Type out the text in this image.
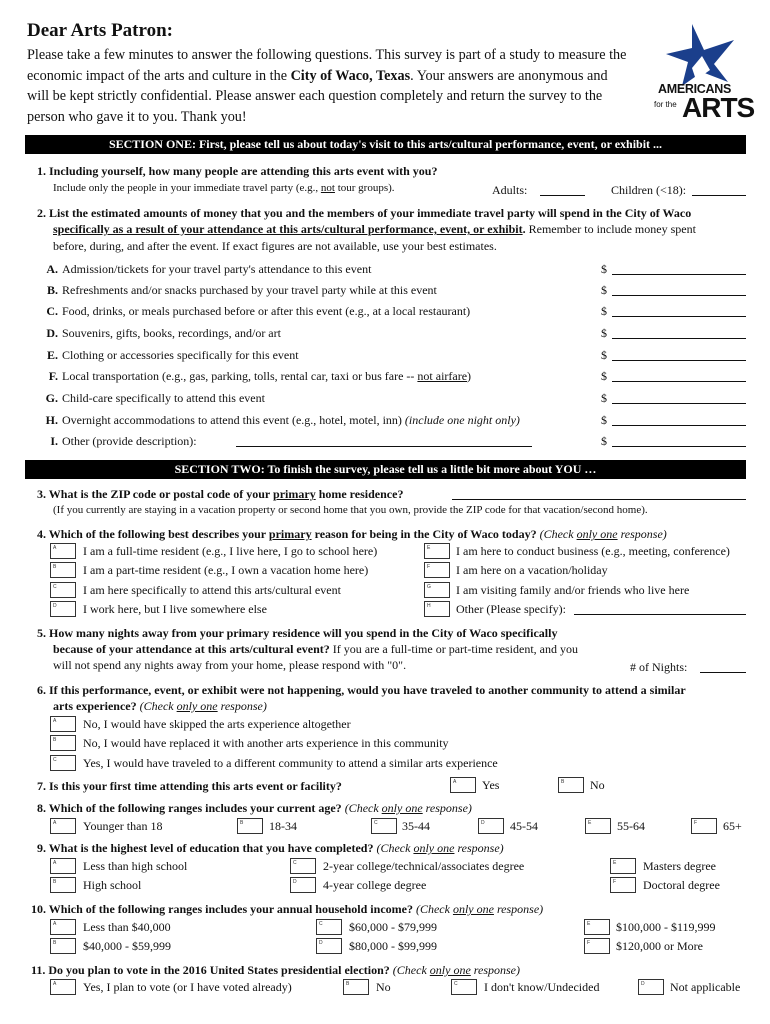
Dear Arts Patron:
Please take a few minutes to answer the following questions. This survey is part of a study to measure the economic impact of the arts and culture in the City of Waco, Texas. Your answers are anonymous and will be kept strictly confidential. Please answer each question completely and return the survey to the person who gave it to you. Thank you!
AMERICANS
for the ARTS
SECTION ONE: First, please tell us about today's visit to this arts/cultural performance, event, or exhibit ...
1. Including yourself, how many people are attending this arts event with you?
Include only the people in your immediate travel party (e.g., not tour groups).	Adults:	Children (<18):
2. List the estimated amounts of money that you and the members of your immediate travel party will spend in the City of Waco
specifically as a result of your attendance at this arts/cultural performance, event, or exhibit. Remember to include money spent
before, during, and after the event. If exact figures are not available, use your best estimates.
SECTION TWO: To finish the survey, please tell us a little bit more about YOU …
3. What is the ZIP code or postal code of your primary home residence?
(If you currently are staying in a vacation property or second home that you own, provide the ZIP code for that vacation/second home).
4. Which of the following best describes your primary reason for being in the City of Waco today? (Check only one response)
5. How many nights away from your primary residence will you spend in the City of Waco specifically
because of your attendance at this arts/cultural event? If you are a full-time or part-time resident, and you
will not spend any nights away from your home, please respond with "0".	# of Nights:
6. If this performance, event, or exhibit were not happening, would you have traveled to another community to attend a similar
arts experience? (Check only one response)
7. Is this your first time attending this arts event or facility?
8. Which of the following ranges includes your current age? (Check only one response)
9. What is the highest level of education that you have completed? (Check only one response)
10. Which of the following ranges includes your annual household income? (Check only one response)
11. Do you plan to vote in the 2016 United States presidential election? (Check only one response)
A. Admission/tickets for your travel party's attendance to this event	$
B. Refreshments and/or snacks purchased by your travel party while at this event	$
C. Food, drinks, or meals purchased before or after this event (e.g., at a local restaurant)	$
D. Souvenirs, gifts, books, recordings, and/or art	$
E. Clothing or accessories specifically for this event	$
F. Local transportation (e.g., gas, parking, tolls, rental car, taxi or bus fare -- not airfare)	$
G. Child-care specifically to attend this event	$
H. Overnight accommodations to attend this event (e.g., hotel, motel, inn) (include one night only)	$
I. Other (provide description):	$
A	I am a full-time resident (e.g., I live here, I go to school here)
B	I am a part-time resident (e.g., I own a vacation home here)
C	I am here specifically to attend this arts/cultural event
D	I work here, but I live somewhere else
E	I am here to conduct business (e.g., meeting, conference)
F	I am here on a vacation/holiday
G	I am visiting family and/or friends who live here
H	Other (Please specify):
A	No, I would have skipped the arts experience altogether
B	No, I would have replaced it with another arts experience in this community
C	Yes, I would have traveled to a different community to attend a similar arts experience
A	Yes	B	No
A	Younger than 18	B	18-34	C	35-44	D	45-54	E	55-64	F	65+
A	Less than high school
B	High school
C	2-year college/technical/associates degree
D	4-year college degree
E	Masters degree
F	Doctoral degree
A	Less than $40,000
B	$40,000 - $59,999
C	$60,000 - $79,999
D	$80,000 - $99,999
E	$100,000 - $119,999
F	$120,000 or More
A	Yes, I plan to vote (or I have voted already)	B	No	C	I don't know/Undecided	D	Not applicable
